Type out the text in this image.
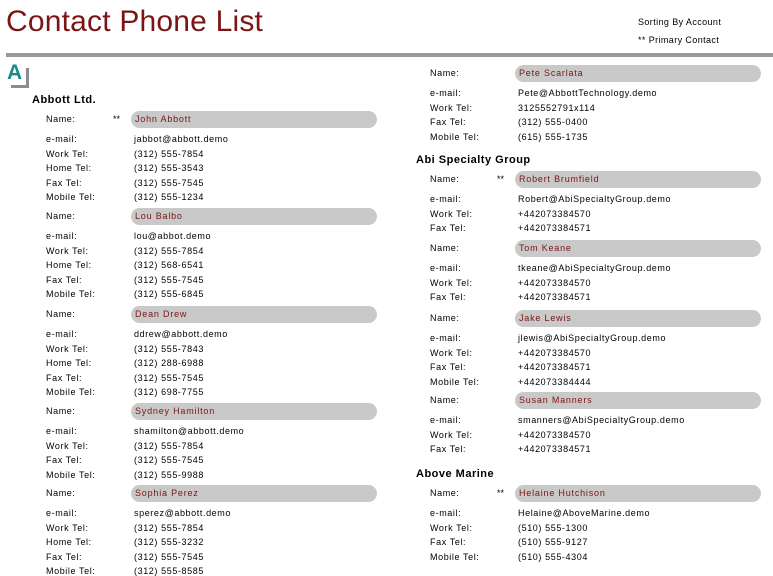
Contact Phone List	Sorting By Account
** Primary Contact
A
Abbott Ltd.
Name:	**	John Abbott
e-mail:	jabbot@abbott.demo
Work Tel:	(312) 555-7854
Home Tel:	(312) 555-3543
Fax Tel:	(312) 555-7545
Mobile Tel:	(312) 555-1234
Name:	Lou Balbo
e-mail:	lou@abbot.demo
Work Tel:	(312) 555-7854
Home Tel:	(312) 568-6541
Fax Tel:	(312) 555-7545
Mobile Tel:	(312) 555-6845
Name:	Dean Drew
e-mail:	ddrew@abbott.demo
Work Tel:	(312) 555-7843
Home Tel:	(312) 288-6988
Fax Tel:	(312) 555-7545
Mobile Tel:	(312) 698-7755
Name:	Sydney Hamilton
e-mail:	shamilton@abbott.demo
Work Tel:	(312) 555-7854
Fax Tel:	(312) 555-7545
Mobile Tel:	(312) 555-9988
Name:	Sophia Perez
e-mail:	sperez@abbott.demo
Work Tel:	(312) 555-7854
Home Tel:	(312) 555-3232
Fax Tel:	(312) 555-7545
Mobile Tel:	(312) 555-8585
Name:	Pete Scarlata
e-mail:	Pete@AbbottTechnology.demo
Work Tel:	3125552791x114
Fax Tel:	(312) 555-0400
Mobile Tel:	(615) 555-1735
Abi Specialty Group
Name:	**	Robert Brumfield
e-mail:	Robert@AbiSpecialtyGroup.demo
Work Tel:	+442073384570
Fax Tel:	+442073384571
Name:	Tom Keane
e-mail:	tkeane@AbiSpecialtyGroup.demo
Work Tel:	+442073384570
Fax Tel:	+442073384571
Name:	Jake Lewis
e-mail:	jlewis@AbiSpecialtyGroup.demo
Work Tel:	+442073384570
Fax Tel:	+442073384571
Mobile Tel:	+442073384444
Name:	Susan Manners
e-mail:	smanners@AbiSpecialtyGroup.demo
Work Tel:	+442073384570
Fax Tel:	+442073384571
Above Marine
Name:	**	Helaine Hutchison
e-mail:	Helaine@AboveMarine.demo
Work Tel:	(510) 555-1300
Fax Tel:	(510) 555-9127
Mobile Tel:	(510) 555-4304
